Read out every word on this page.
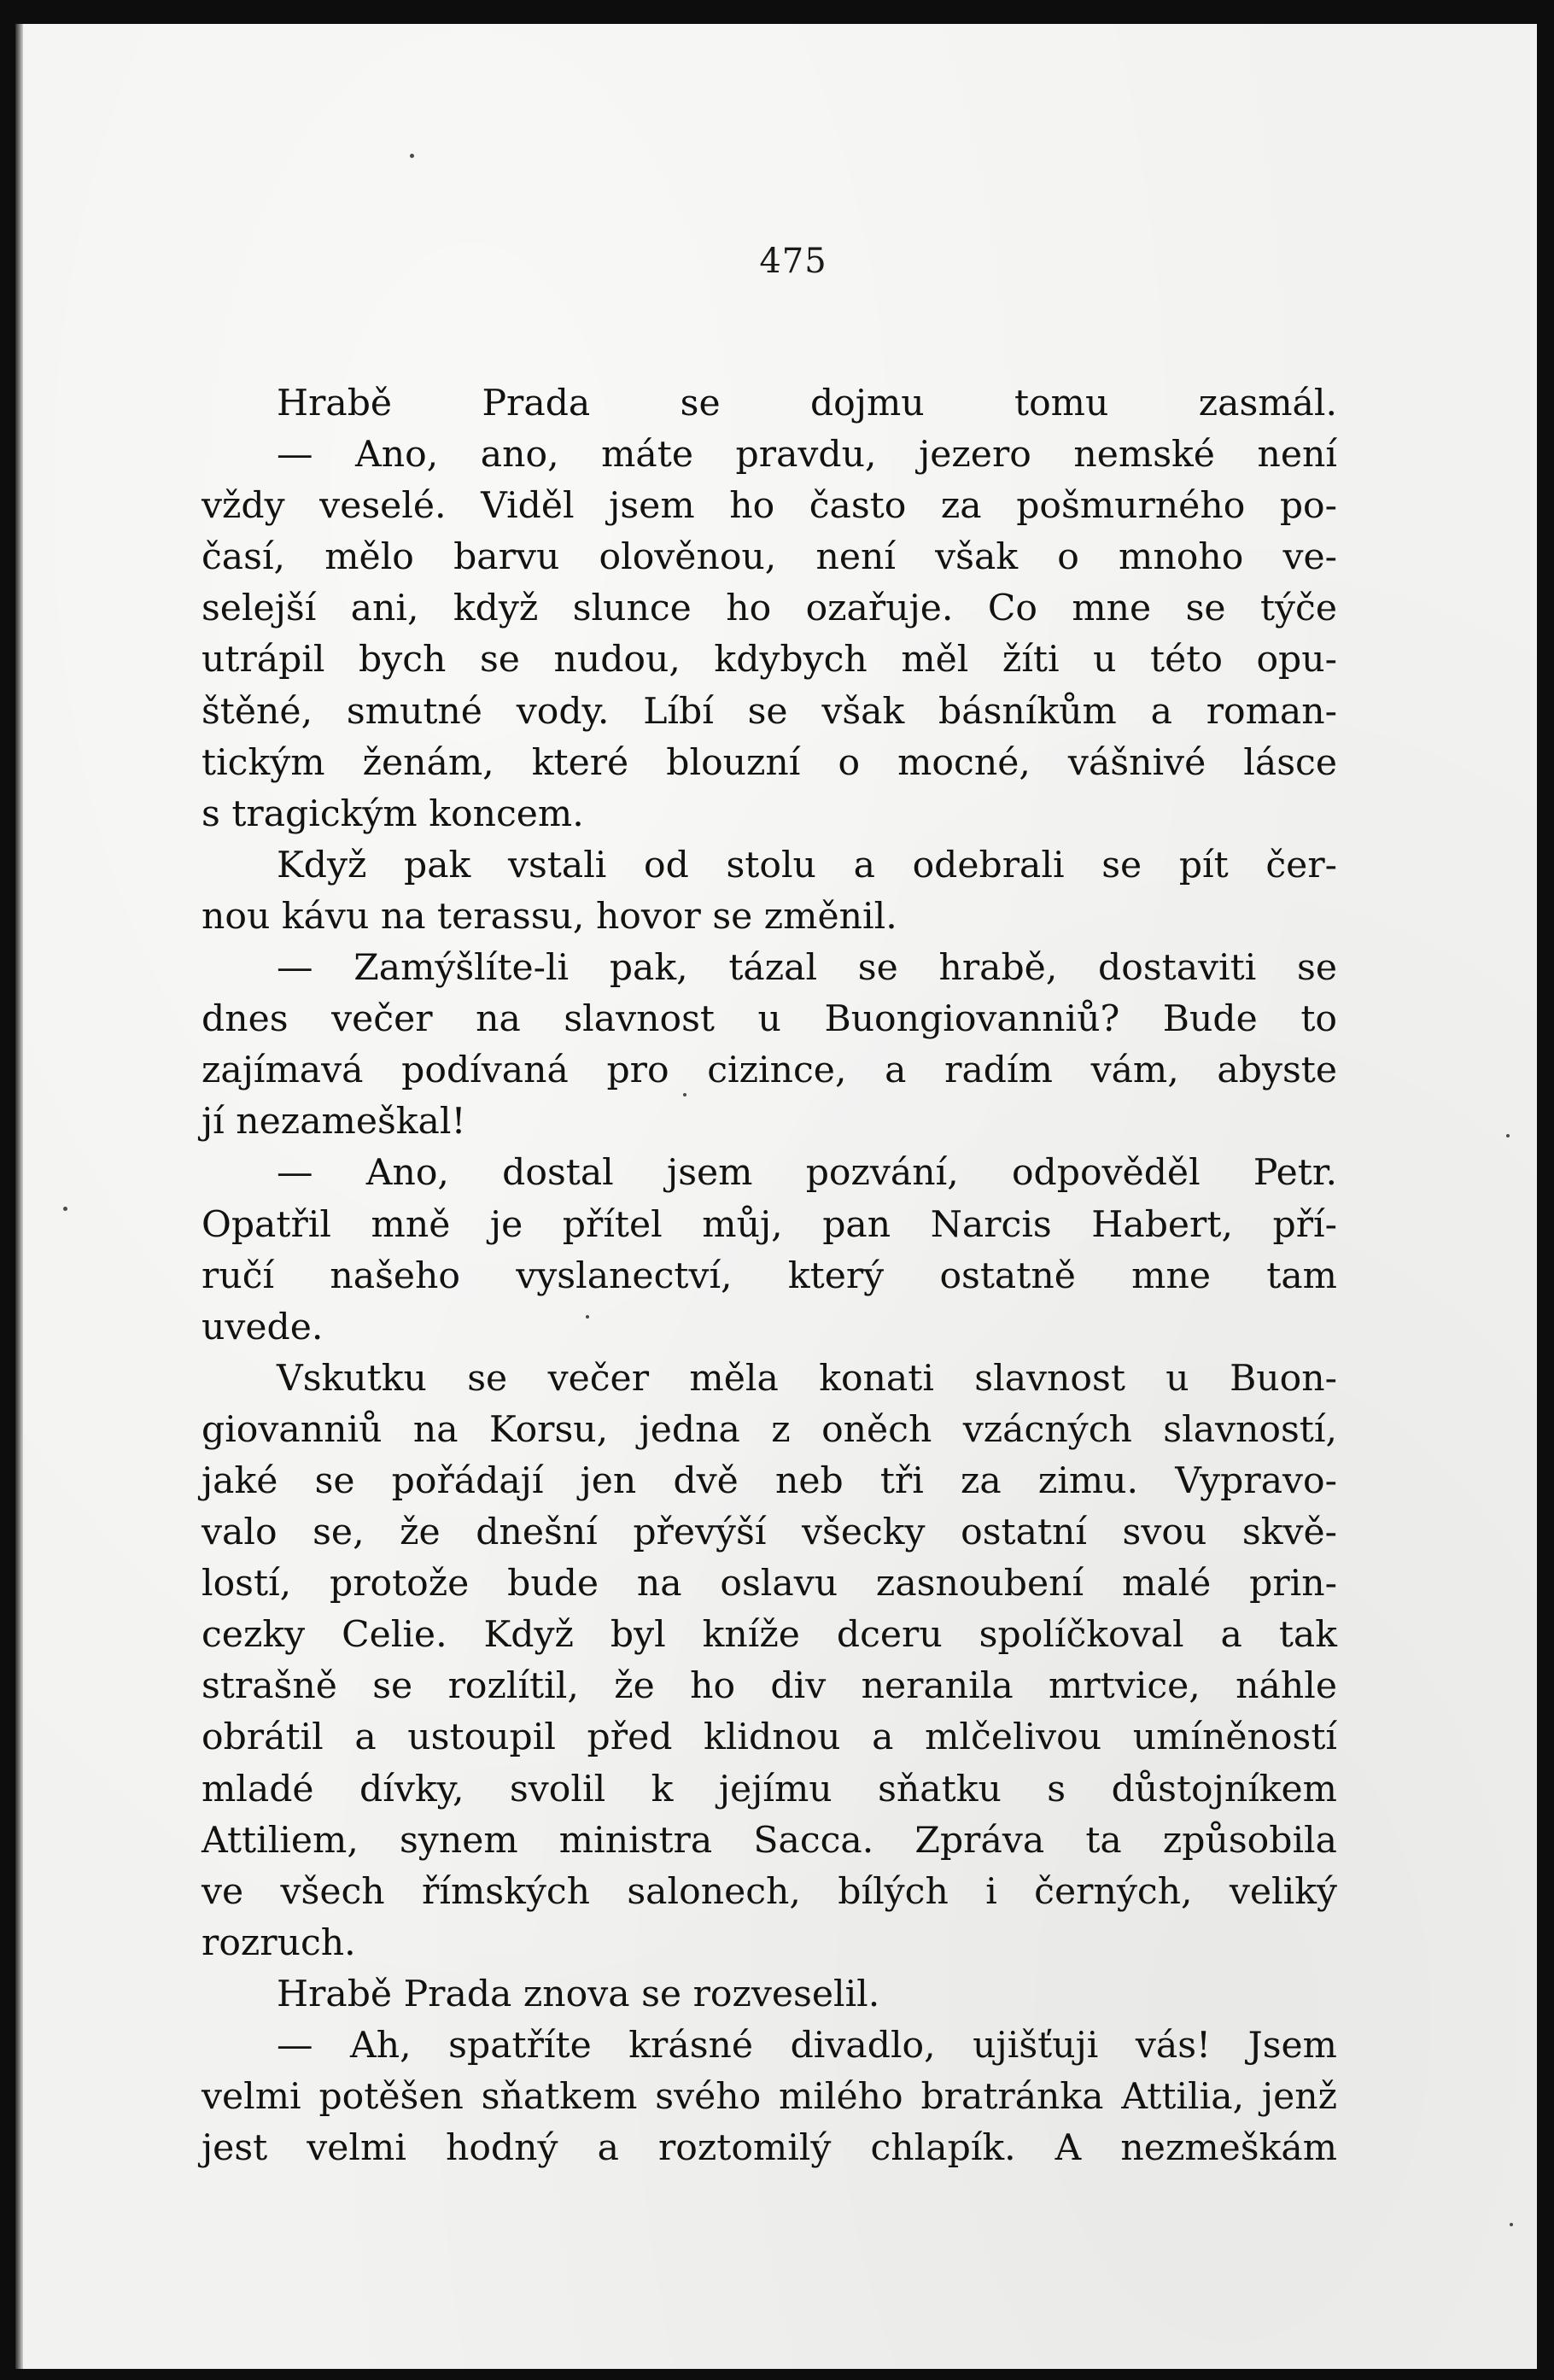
475
Hrabě Prada se dojmu tomu zasmál.
— Ano, ano, máte pravdu, jezero nemské není
vždy veselé. Viděl jsem ho často za pošmurného po-
časí, mělo barvu olověnou, není však o mnoho ve-
selejší ani, když slunce ho ozařuje. Co mne se týče
utrápil bych se nudou, kdybych měl žíti u této opu-
štěné, smutné vody. Líbí se však básníkům a roman-
tickým ženám, které blouzní o mocné, vášnivé lásce
s tragickým koncem.
Když pak vstali od stolu a odebrali se pít čer-
nou kávu na terassu, hovor se změnil.
— Zamýšlíte-li pak, tázal se hrabě, dostaviti se
dnes večer na slavnost u Buongiovanniů? Bude to
zajímavá podívaná pro cizince, a radím vám, abyste
jí nezameškal!
— Ano, dostal jsem pozvání, odpověděl Petr.
Opatřil mně je přítel můj, pan Narcis Habert, pří-
ručí našeho vyslanectví, který ostatně mne tam
uvede.
Vskutku se večer měla konati slavnost u Buon-
giovanniů na Korsu, jedna z oněch vzácných slavností,
jaké se pořádají jen dvě neb tři za zimu. Vypravo-
valo se, že dnešní převýší všecky ostatní svou skvě-
lostí, protože bude na oslavu zasnoubení malé prin-
cezky Celie. Když byl kníže dceru spolíčkoval a tak
strašně se rozlítil, že ho div neranila mrtvice, náhle
obrátil a ustoupil před klidnou a mlčelivou umíněností
mladé dívky, svolil k jejímu sňatku s důstojníkem
Attiliem, synem ministra Sacca. Zpráva ta způsobila
ve všech římských salonech, bílých i černých, veliký
rozruch.
Hrabě Prada znova se rozveselil.
— Ah, spatříte krásné divadlo, ujišťuji vás! Jsem
velmi potěšen sňatkem svého milého bratránka Attilia, jenž
jest velmi hodný a roztomilý chlapík. A nezmeškám
